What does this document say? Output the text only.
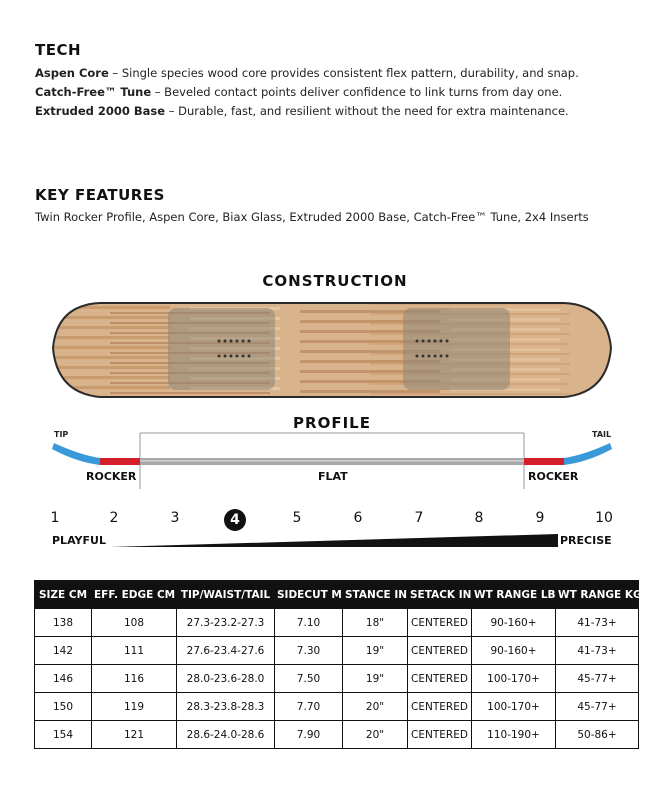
TECH
Aspen Core – Single species wood core provides consistent flex pattern, durability, and snap.
Catch-Free™ Tune – Beveled contact points deliver confidence to link turns from day one.
Extruded 2000 Base – Durable, fast, and resilient without the need for extra maintenance.
KEY FEATURES
Twin Rocker Profile, Aspen Core, Biax Glass, Extruded 2000 Base, Catch-Free™ Tune, 2x4 Inserts
CONSTRUCTION
PROFILE
TIP	TAIL
ROCKER	FLAT	ROCKER
1	2	3	4	5	6	7	8	9	10
PLAYFUL	PRECISE
SIZE CM	EFF. EDGE CM	TIP/WAIST/TAIL	SIDECUT M	STANCE IN	SETACK IN	WT RANGE LB	WT RANGE KG
138	108	27.3-23.2-27.3	7.10	18"	CENTERED	90-160+	41-73+
142	111	27.6-23.4-27.6	7.30	19"	CENTERED	90-160+	41-73+
146	116	28.0-23.6-28.0	7.50	19"	CENTERED	100-170+	45-77+
150	119	28.3-23.8-28.3	7.70	20"	CENTERED	100-170+	45-77+
154	121	28.6-24.0-28.6	7.90	20"	CENTERED	110-190+	50-86+
